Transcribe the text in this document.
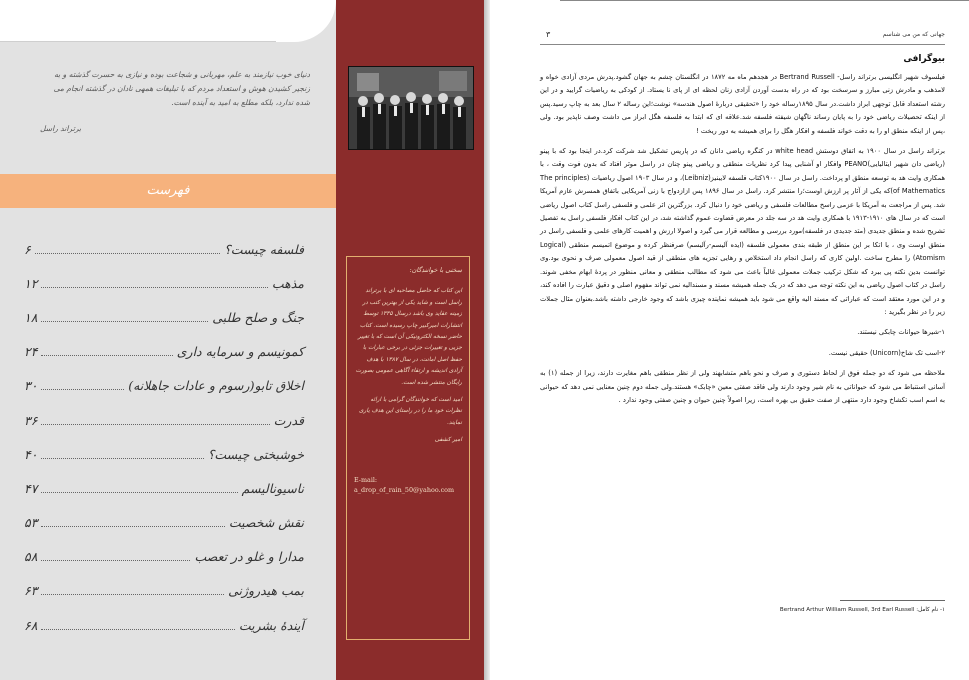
دنیای خوب نیازمند به علم، مهربانی و شجاعت بوده و نیازی به حسرت گذشته و به زنجیر کشیدن هوش و استعداد مردم که با تبلیغات همهی نادان در گذشته انجام می شده ندارد، بلکه مطلع به امید به آینده است.
برتراند راسل
فهرست
فلسفه چیست؟
۶
مذهب
۱۲
جنگ و صلح طلبی
۱۸
کمونیسم و سرمایه داری
۲۴
اخلاق تابو(رسوم و عادات جاهلانه)
۳۰
قدرت
۳۶
خوشبختی چیست؟
۴۰
ناسیونالیسم
۴۷
نقش شخصیت
۵۳
مدارا و غلو در تعصب
۵۸
بمب هیدروژنی
۶۳
آیندهٔ بشریت
۶۸
سخنی با خوانندگان:

این کتاب که حاصل مصاحبه ای با برتراند راسل است و شاید یکی از بهترین کتب در زمینه عقاید وی باشد درسال ۱۳۴۵ توسط انتشارات امیرکبیر چاپ رسیده است. کتاب حاضر نسخه الکترونیکی آن است که با تغییر جزیی و تغییرات جزئی در برخی عبارات با حفظ اصل امانت، در سال ۱۳۸۷ با هدف آزادی اندیشه و ارتقاء آگاهی عمومی بصورت رایگان منتشر شده است.

امید است که خوانندگان گرامی با ارائه نظرات خود ما را در راستای این هدف یاری نمایند.

امیر کشفی
E-mail:
a_drop_of_rain_50@yahoo.com
۳	جهانی که من می شناسم
بیوگرافی

فیلسوف شهیر انگلیسی برتراند راسل- Bertrand Russell در هجدهم ماه مه ۱۸۷۲ در انگلستان چشم به جهان گشود.پدرش مردی آزادی خواه و لامذهب و مادرش زنی مبارز و سرسخت بود که در راه بدست آوردن آزادی زنان لحظه ای از پای نا یستاد. از کودکی به ریاضیات گرایید و در این رشته استعداد قابل توجهی ابراز داشت.در سال ۱۸۹۵رساله خود را «تحقیقی دربارهٔ اصول هندسه» نوشت؛این رساله ۲ سال بعد به چاپ رسید.پس از اینکه تحصیلات ریاضی خود را به پایان رساند ناگهان شیفته فلسفه شد.علاقه ای که ابتدا به فلسفه هگل ابراز می داشت وصف ناپذیر بود. ولی ،پس از اینکه منطق او را به دقت خواند فلسفه و افکار هگل را برای همیشه به دور ریخت !

برتراند راسل در سال ۱۹۰۰ به اتفاق دوستش white head در کنگره ریاضی دانان که در پاریس تشکیل شد شرکت کرد.در اینجا بود که با پینو (ریاضی دان شهیر ایتالیایی)PEANO وافکار او آشنایی پیدا کرد نظریات منطقی و ریاضی پینو چنان در راسل موثر افتاد که بدون فوت وقت ، با همکاری وایت هد به توسعه منطق او پرداخت. راسل در سال ۱۹۰۰کتاب فلسفه لایبنیز(Leibniz)، و در سال ۱۹۰۳ اصول ریاضیات (The principles of Mathematics)که یکی از آثار پر ارزش اوست؛را منتشر کرد. راسل در سال ۱۸۹۶ پس ازازدواج با زنی آمریکایی باتفاق همسرش عازم آمریکا شد. پس از مراجعت به آمریکا با عزمی راسخ مطالعات فلسفی و ریاضی خود را دنبال کرد. بزرگترین اثر علمی و فلسفی راسل کتاب اصول ریاضی است که در سال های ۱۹۱۰-۱۹۱۳ با همکاری وایت هد در سه جلد در معرض قضاوت عموم گذاشته شد، در این کتاب افکار فلسفی راسل به تفصیل تشریح شده و منطق جدیدی (متد جدیدی در فلسفه)مورد بررسی و مطالعه قرار می گیرد و اصولا ارزش و اهمیت کارهای علمی و فلسفی راسل در منطق اوست وی ، با اتکا بر این منطق از طبقه بندی معمولی فلسفه (ایده آلیسم-رآلیسم) صرفنظر کرده و موضوع اتمیسم منطقی (Logical Atomism) را مطرح ساخت .اولین کاری که راسل انجام داد استخلاص و رهایی تجزیه های منطقی از قید اصول معمولی صرف و نحوی بود.وی توانست بدین نکته پی ببرد که شکل ترکیب جملات معمولی غالباً باعث می شود که مطالب منطقی و معانی منظور در پردهٔ ابهام مخفی شوند. راسل در کتاب اصول ریاضی به این نکته توجه می دهد که در یک جمله همیشه مسند و مسندالیه نمی تواند مفهوم اصلی و دقیق عبارت را افاده کند، و در این مورد معتقد است که عباراتی که مسند الیه واقع می شود باید همیشه نماینده چیزی باشد که وجود خارجی داشته باشد.بعنوان مثال جملات زیر را در نظر بگیرید :

۱-شیرها حیوانات چابکی نیستند.

۲-اسب تک شاخ(Unicorn) حقیقی نیست.

ملاحظه می شود که دو جمله فوق از لحاظ دستوری و صرف و نحو باهم متشابهند ولی از نظر منطقی باهم مغایرت دارند، زیرا از جمله (۱) به آسانی استنباط می شود که حیواناتی به نام شیر وجود دارند ولی فاقد صفتی معین «چابک» هستند.ولی جمله دوم چنین معنایی نمی دهد که حیوانی به اسم اسب تکشاخ وجود دارد منتهی از صفت حقیق بی بهره است، زیرا اصولاً چنین حیوان و چنین صفتی وجود ندارد .

۱- نام کامل: Bertrand Arthur William Russell, 3rd Earl Russell
